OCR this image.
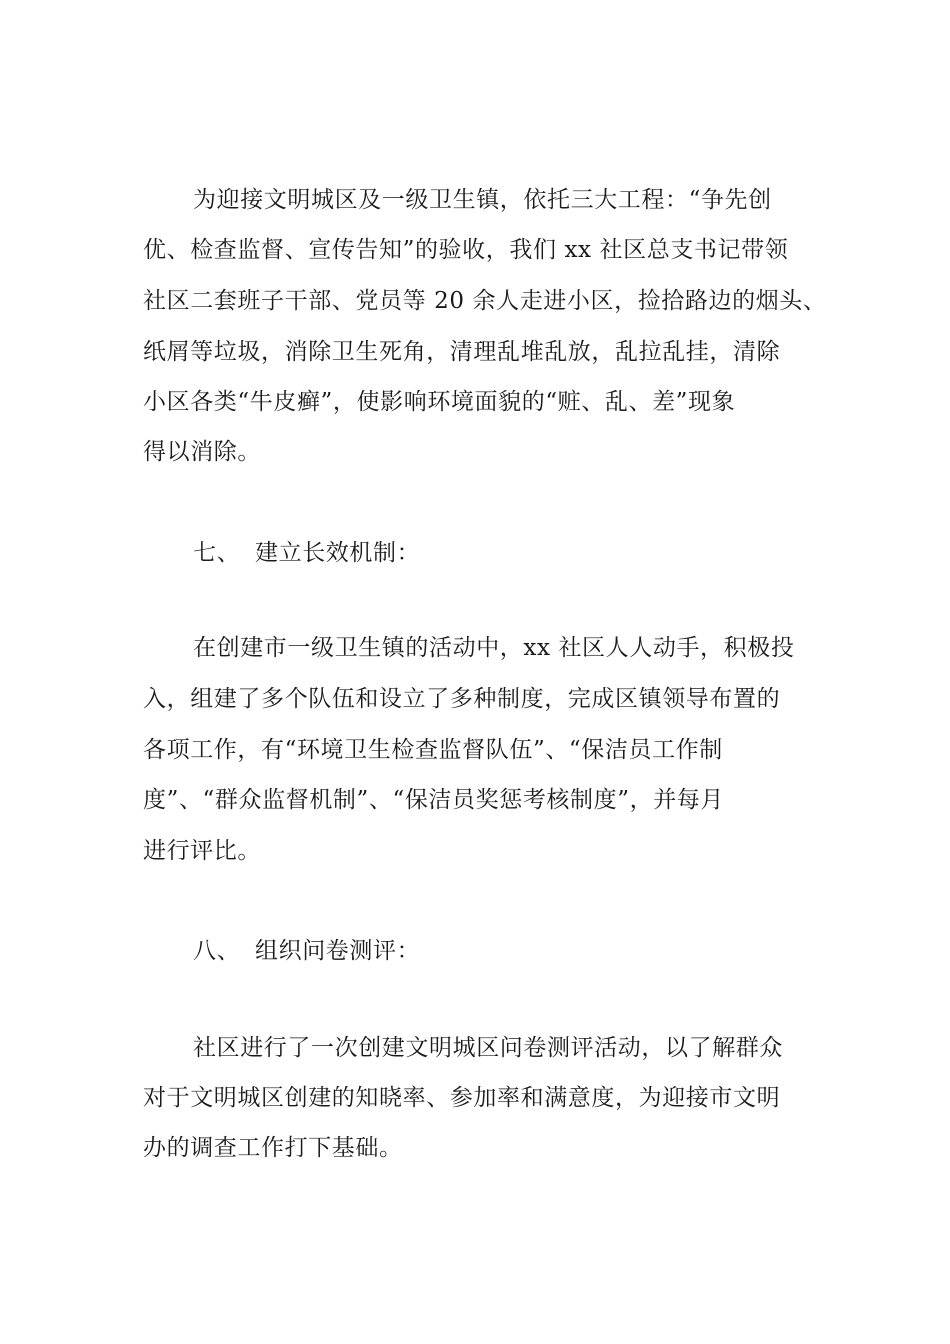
为迎接文明城区及一级卫生镇，依托三大工程：“争先创
优、检查监督、宣传告知”的验收，我们 xx 社区总支书记带领
社区二套班子干部、党员等 20 余人走进小区，捡拾路边的烟头、
纸屑等垃圾，消除卫生死角，清理乱堆乱放，乱拉乱挂，清除
小区各类“牛皮癣”，使影响环境面貌的“赃、乱、差”现象
得以消除。
七、 建立长效机制：
在创建市一级卫生镇的活动中，xx 社区人人动手，积极投
入，组建了多个队伍和设立了多种制度，完成区镇领导布置的
各项工作，有“环境卫生检查监督队伍”、“保洁员工作制
度”、“群众监督机制”、“保洁员奖惩考核制度”，并每月
进行评比。
八、 组织问卷测评：
社区进行了一次创建文明城区问卷测评活动，以了解群众
对于文明城区创建的知晓率、参加率和满意度，为迎接市文明
办的调查工作打下基础。
